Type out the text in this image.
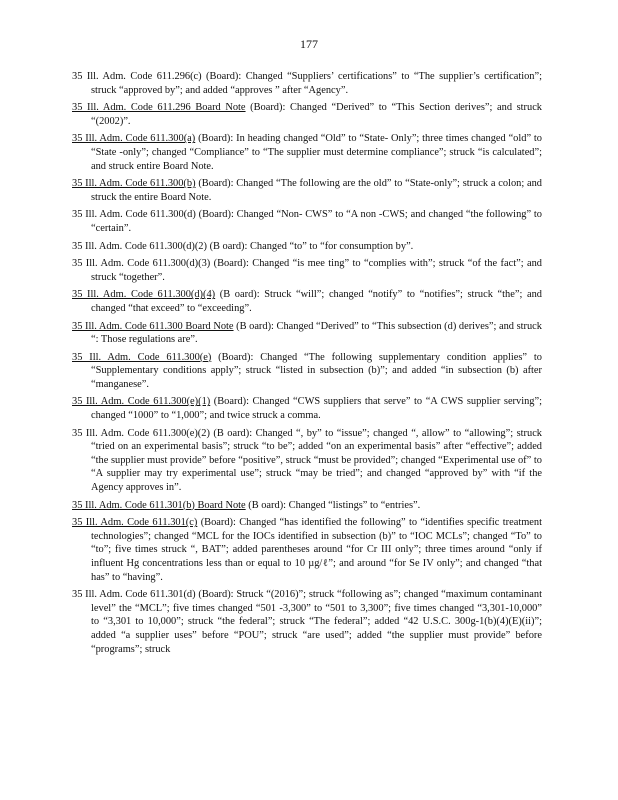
177

35 Ill. Adm. Code 611.296(c) (Board): Changed “Suppliers’ certifications” to “The supplier’s certification”; struck “approved by”; and added “approves ” after “Agency”.

35 Ill. Adm. Code 611.296 Board Note (Board): Changed “Derived” to “This Section derives”; and struck “(2002)”.

35 Ill. Adm. Code 611.300(a) (Board): In heading changed “Old” to “State- Only”; three times changed “old” to “State -only”; changed “Compliance” to “The supplier must determine compliance”; struck “is calculated”; and struck entire Board Note.

35 Ill. Adm. Code 611.300(b) (Board): Changed “The following are the old” to “State-only”; struck a colon; and struck the entire Board Note.

35 Ill. Adm. Code 611.300(d) (Board): Changed “Non- CWS” to “A non -CWS; and changed “the following” to “certain”.

35 Ill. Adm. Code 611.300(d)(2) (B oard): Changed “to” to “for consumption by”.

35 Ill. Adm. Code 611.300(d)(3) (Board): Changed “is mee ting” to “complies with”; struck “of the fact”; and struck “together”.

35 Ill. Adm. Code 611.300(d)(4) (B oard): Struck “will”; changed “notify” to “notifies”; struck “the”; and changed “that exceed” to “exceeding”.

35 Ill. Adm. Code 611.300 Board Note (B oard): Changed “Derived” to “This subsection (d) derives”; and struck “: Those regulations are”.

35 Ill. Adm. Code 611.300(e) (Board): Changed “The following supplementary condition applies” to “Supplementary conditions apply”; struck “listed in subsection (b)”; and added “in subsection (b) after “manganese”.

35 Ill. Adm. Code 611.300(e)(1) (Board): Changed “CWS suppliers that serve” to “A CWS supplier serving”; changed “1000” to “1,000”; and twice struck a comma.

35 Ill. Adm. Code 611.300(e)(2) (B oard): Changed “, by” to “issue”; changed “, allow” to “allowing”; struck “tried on an experimental basis”; struck “to be”; added “on an experimental basis” after “effective”; added “the supplier must provide” before “positive”, struck “must be provided”; changed “Experimental use of” to “A supplier may try experimental use”; struck “may be tried”; and changed “approved by” with “if the Agency approves in”.

35 Ill. Adm. Code 611.301(b) Board Note (B oard): Changed “listings” to “entries”.

35 Ill. Adm. Code 611.301(c) (Board): Changed “has identified the following” to “identifies specific treatment technologies”; changed “MCL for the IOCs identified in subsection (b)” to “IOC MCLs”; changed “To” to “to”; five times struck “, BAT”; added parentheses around “for Cr III only”; three times around “only if influent Hg concentrations less than or equal to 10 µg/ℓ”; and around “for Se IV only”; and changed “that has” to “having”.

35 Ill. Adm. Code 611.301(d) (Board): Struck “(2016)”; struck “following as”; changed “maximum contaminant level” the “MCL”; five times changed “501 -3,300” to “501 to 3,300”; five times changed “3,301-10,000” to “3,301 to 10,000”; struck “the federal”; struck “The federal”; added “42 U.S.C. 300g-1(b)(4)(E)(ii)”; added “a supplier uses” before “POU”; struck “are used”; added “the supplier must provide” before “programs”; struck
